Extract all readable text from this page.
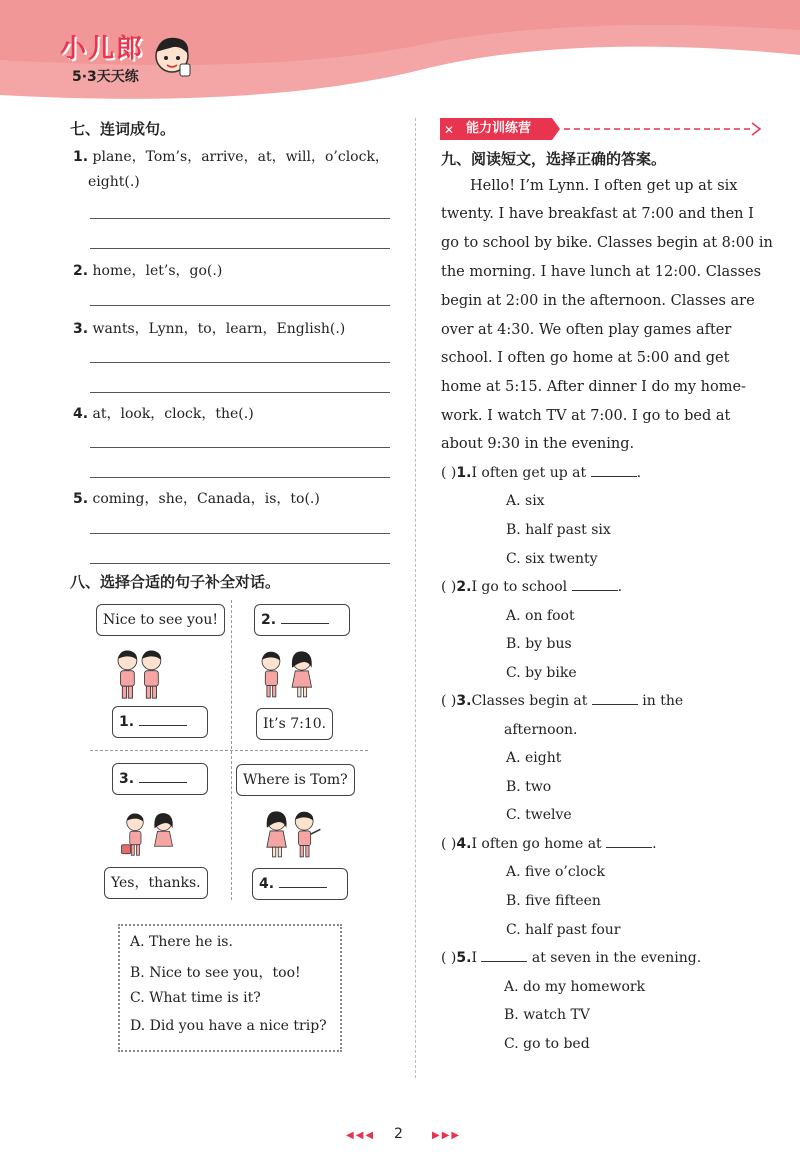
小儿郎
5·3天天练
七、连词成句。
1. plane，Tom’s，arrive，at，will，o’clock，
eight(.)
2. home，let’s，go(.)
3. wants，Lynn，to，learn，English(.)
4. at，look，clock，the(.)
5. coming，she，Canada，is，to(.)
八、选择合适的句子补全对话。
Nice to see you!
1.
2.
It’s 7:10.
3.
Yes，thanks.
Where is Tom?
4.
A. There he is.
B. Nice to see you，too!
C. What time is it?
D. Did you have a nice trip?
✕ 能力训练营
九、阅读短文，选择正确的答案。
Hello! I’m Lynn. I often get up at six
twenty. I have breakfast at 7:00 and then I
go to school by bike. Classes begin at 8:00 in
the morning. I have lunch at 12:00. Classes
begin at 2:00 in the afternoon. Classes are
over at 4:30. We often play games after
school. I often go home at 5:00 and get
home at 5:15. After dinner I do my home-
work. I watch TV at 7:00. I go to bed at
about 9:30 in the evening.
( )1.I often get up at	.
A. six
B. half past six
C. six twenty
( )2.I go to school	.
A. on foot
B. by bus
C. by bike
( )3.Classes begin at	in the
afternoon.
A. eight
B. two
C. twelve
( )4.I often go home at	.
A. five o’clock
B. five fifteen
C. half past four
( )5.I	at seven in the evening.
A. do my homework
B. watch TV
C. go to bed
◀◀◀ 2	▶▶▶
